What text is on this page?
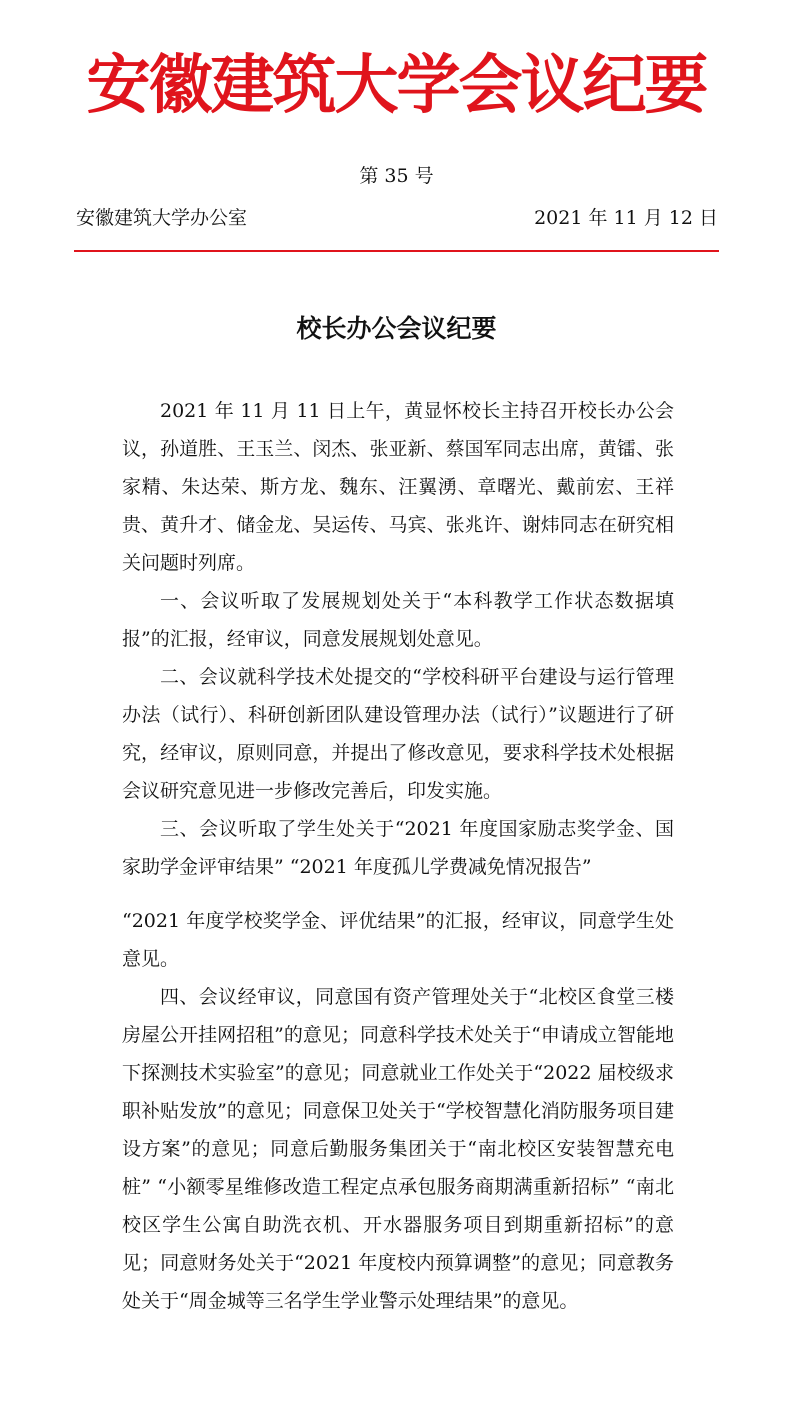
安徽建筑大学会议纪要
第 35 号
安徽建筑大学办公室	2021 年 11 月 12 日
校长办公会议纪要

2021 年 11 月 11 日上午，黄显怀校长主持召开校长办公会议，孙道胜、王玉兰、闵杰、张亚新、蔡国军同志出席，黄镭、张家精、朱达荣、斯方龙、魏东、汪翼湧、章曙光、戴前宏、王祥贵、黄升才、储金龙、吴运传、马宾、张兆许、谢炜同志在研究相关问题时列席。

一、会议听取了发展规划处关于“本科教学工作状态数据填报”的汇报，经审议，同意发展规划处意见。

二、会议就科学技术处提交的“学校科研平台建设与运行管理办法（试行）、科研创新团队建设管理办法（试行）”议题进行了研究，经审议，原则同意，并提出了修改意见，要求科学技术处根据会议研究意见进一步修改完善后，印发实施。

三、会议听取了学生处关于“2021 年度国家励志奖学金、国家助学金评审结果” “2021 年度孤儿学费减免情况报告”

“2021 年度学校奖学金、评优结果”的汇报，经审议，同意学生处意见。

四、会议经审议，同意国有资产管理处关于“北校区食堂三楼房屋公开挂网招租”的意见；同意科学技术处关于“申请成立智能地下探测技术实验室”的意见；同意就业工作处关于“2022 届校级求职补贴发放”的意见；同意保卫处关于“学校智慧化消防服务项目建设方案”的意见；同意后勤服务集团关于“南北校区安装智慧充电桩” “小额零星维修改造工程定点承包服务商期满重新招标” “南北校区学生公寓自助洗衣机、开水器服务项目到期重新招标”的意见；同意财务处关于“2021 年度校内预算调整”的意见；同意教务处关于“周金城等三名学生学业警示处理结果”的意见。
